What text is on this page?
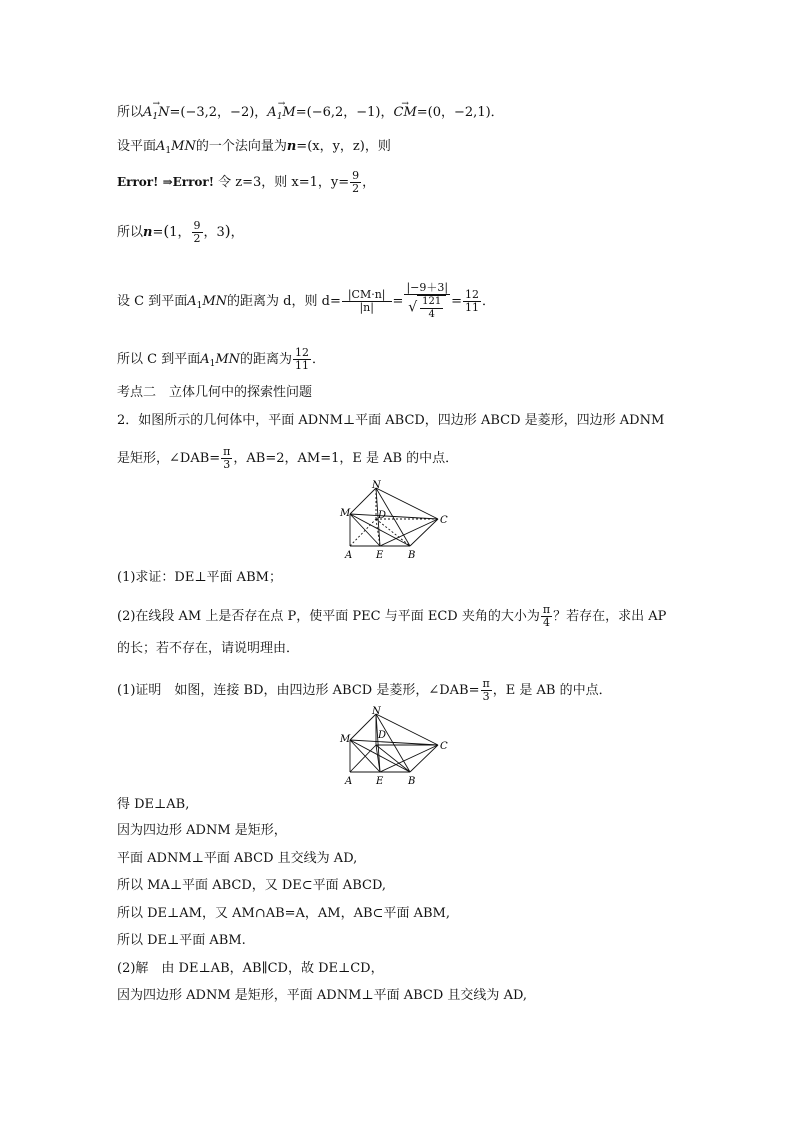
所以→ $A_1N=(-3,2$，−2)，→ $A_1M=(-6,2$，−1)，→ CM=(0，−2,1)．
设平面$A_1MN$的一个法向量为n=(x，y，z)，则
Error! ⇒Error! 令 z=3，则 x=1，$y= \frac{9}{2}$ ，
所以n=(1， $\frac{9}{2}$ ，3)，
设 C 到平面$A_1MN$的距离为 d，则 $d= \frac{|CM\cdot n|}{|n|} = \frac{|-9+3|}{√ \frac{121}{4}} = \frac{12}{11}$ ．
所以 C 到平面$A_1MN$的距离为 $\frac{12}{11}$ ．
考点二　立体几何中的探索性问题
2．如图所示的几何体中，平面 ADNM⊥平面 ABCD，四边形 ABCD 是菱形，四边形 ADNM
是矩形，∠DAB= $\frac{\pi}{3}$ ，AB=2，AM=1，E 是 AB 的中点．
N
M	D	C
A E B
(1)求证：DE⊥平面 ABM；
(2)在线段 AM 上是否存在点 P，使平面 PEC 与平面 ECD 夹角的大小为 $\frac{\pi}{4}$ ？若存在，求出 AP
的长；若不存在，请说明理由．
(1)证明　如图，连接 BD，由四边形 ABCD 是菱形，∠DAB= $\frac{\pi}{3}$ ，E 是 AB 的中点．
N
M	D
C
A E B
得 DE⊥AB,
因为四边形 ADNM 是矩形，
平面 ADNM⊥平面 ABCD 且交线为 AD,
所以 MA⊥平面 ABCD，又 DE⊂平面 ABCD,
所以 DE⊥AM，又 AM∩AB=A，AM，AB⊂平面 ABM,
所以 DE⊥平面 ABM.
(2)解　由 DE⊥AB，AB∥CD，故 DE⊥CD，
因为四边形 ADNM 是矩形，平面 ADNM⊥平面 ABCD 且交线为 AD,
